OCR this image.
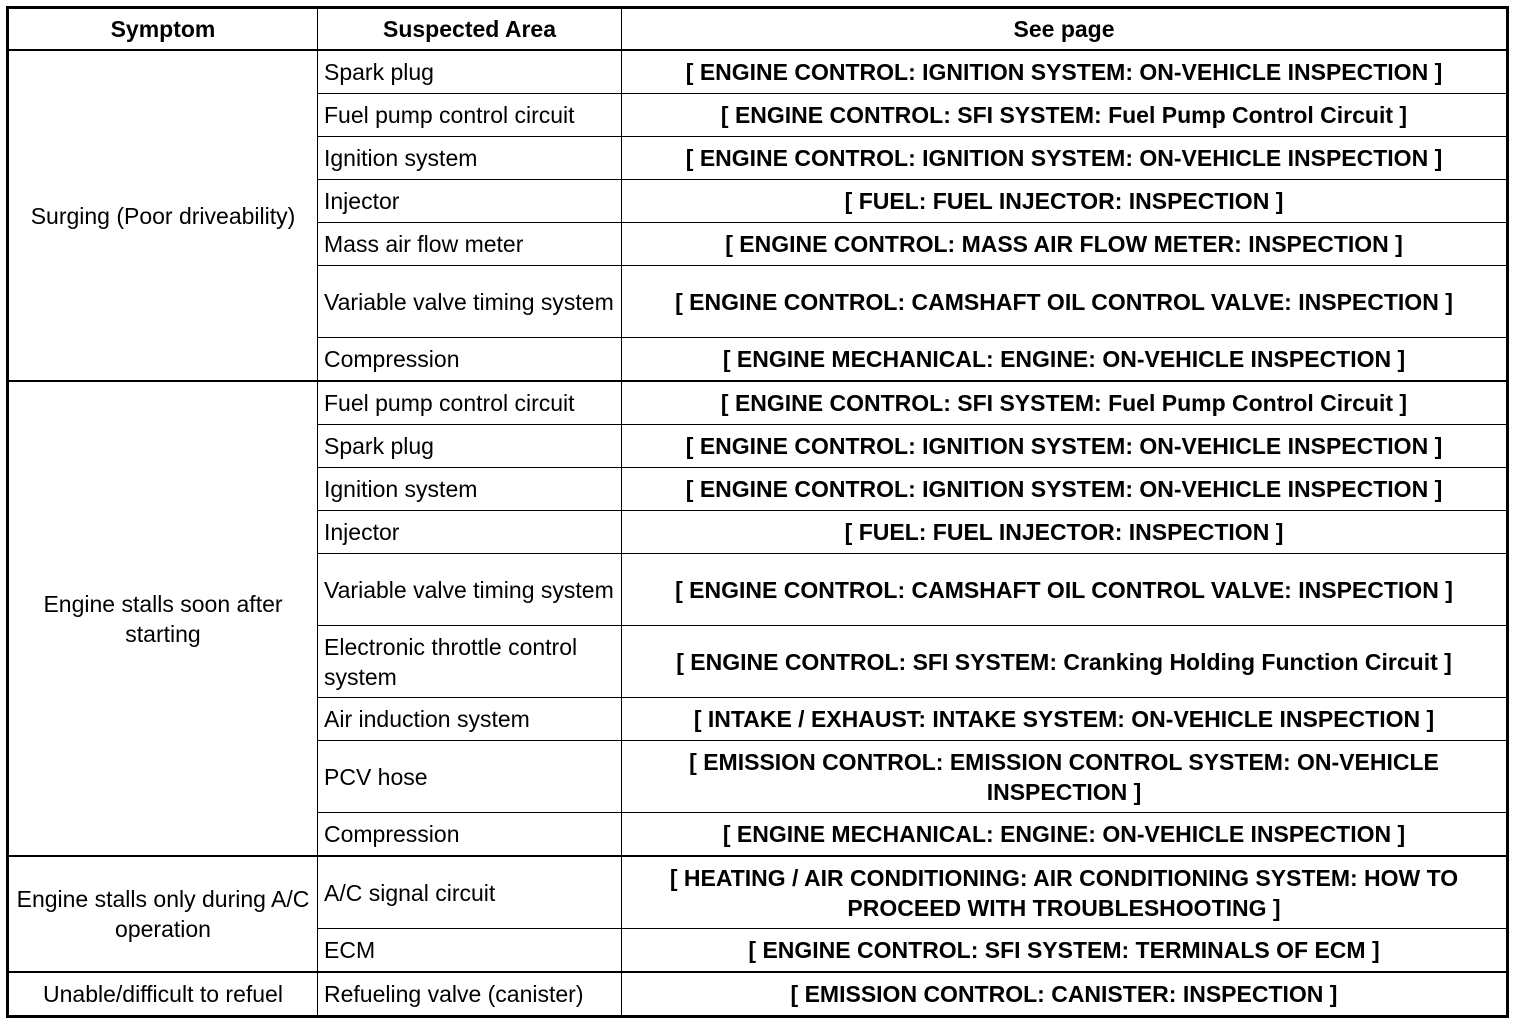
Symptom	Suspected Area	See page
Surging (Poor driveability)	Spark plug	[ ENGINE CONTROL: IGNITION SYSTEM: ON-VEHICLE INSPECTION ]
	Fuel pump control circuit	[ ENGINE CONTROL: SFI SYSTEM: Fuel Pump Control Circuit ]
	Ignition system	[ ENGINE CONTROL: IGNITION SYSTEM: ON-VEHICLE INSPECTION ]
	Injector	[ FUEL: FUEL INJECTOR: INSPECTION ]
	Mass air flow meter	[ ENGINE CONTROL: MASS AIR FLOW METER: INSPECTION ]
	Variable valve timing system	[ ENGINE CONTROL: CAMSHAFT OIL CONTROL VALVE: INSPECTION ]
	Compression	[ ENGINE MECHANICAL: ENGINE: ON-VEHICLE INSPECTION ]
Engine stalls soon after starting	Fuel pump control circuit	[ ENGINE CONTROL: SFI SYSTEM: Fuel Pump Control Circuit ]
	Spark plug	[ ENGINE CONTROL: IGNITION SYSTEM: ON-VEHICLE INSPECTION ]
	Ignition system	[ ENGINE CONTROL: IGNITION SYSTEM: ON-VEHICLE INSPECTION ]
	Injector	[ FUEL: FUEL INJECTOR: INSPECTION ]
	Variable valve timing system	[ ENGINE CONTROL: CAMSHAFT OIL CONTROL VALVE: INSPECTION ]
	Electronic throttle control system	[ ENGINE CONTROL: SFI SYSTEM: Cranking Holding Function Circuit ]
	Air induction system	[ INTAKE / EXHAUST: INTAKE SYSTEM: ON-VEHICLE INSPECTION ]
	PCV hose	[ EMISSION CONTROL: EMISSION CONTROL SYSTEM: ON-VEHICLE INSPECTION ]
	Compression	[ ENGINE MECHANICAL: ENGINE: ON-VEHICLE INSPECTION ]
Engine stalls only during A/C operation	A/C signal circuit	[ HEATING / AIR CONDITIONING: AIR CONDITIONING SYSTEM: HOW TO PROCEED WITH TROUBLESHOOTING ]
	ECM	[ ENGINE CONTROL: SFI SYSTEM: TERMINALS OF ECM ]
Unable/difficult to refuel	Refueling valve (canister)	[ EMISSION CONTROL: CANISTER: INSPECTION ]
